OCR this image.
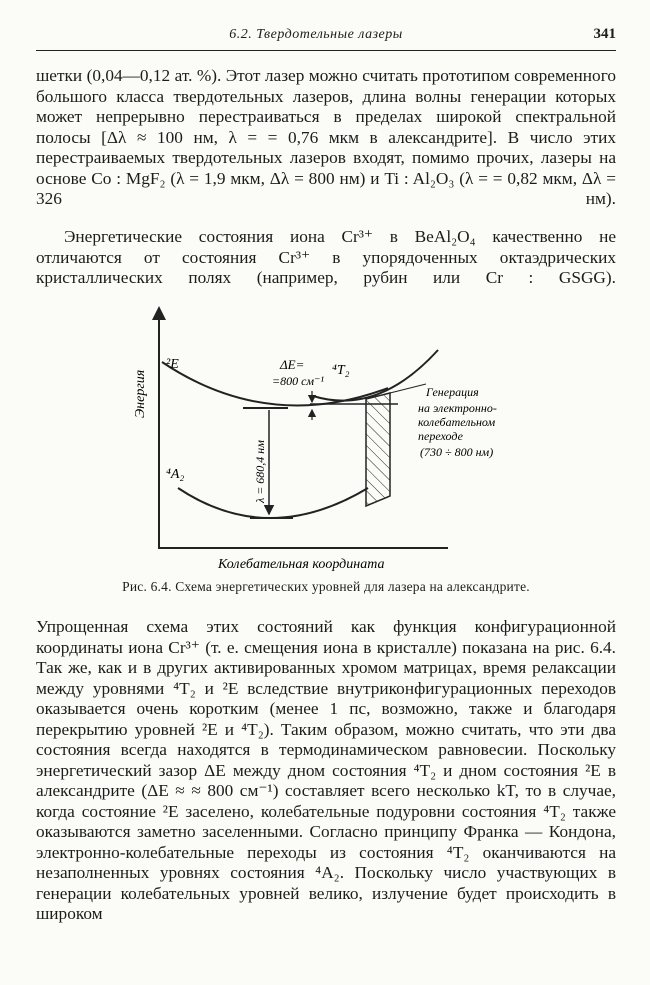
6.2. Твердотельные лазеры	341

шетки (0,04—0,12 ат. %). Этот лазер можно считать прототипом современного большого класса твердотельных лазеров, длина волны генерации которых может непрерывно перестраиваться в пределах широкой спектральной полосы [Δλ ≈ 100 нм, λ = = 0,76 мкм в александрите]. В число этих перестраиваемых твердотельных лазеров входят, помимо прочих, лазеры на основе Co : MgF₂ (λ = 1,9 мкм, Δλ = 800 нм) и Ti : Al₂O₃ (λ = = 0,82 мкм, Δλ = 326 нм).

Энергетические состояния иона Cr³⁺ в BeAl₂O₄ качественно не отличаются от состояния Cr³⁺ в упорядоченных октаэдрических кристаллических полях (например, рубин или Cr : GSGG).

Энергия
²E	⁴T₂
⁴A₂
ΔE=
=800 см⁻¹
λ = 680,4 нм
Генерация
на электронно-
колебательном
переходе
(730 ÷ 800 нм)
Колебательная координата
Рис. 6.4. Схема энергетических уровней для лазера на александрите.

Упрощенная схема этих состояний как функция конфигурационной координаты иона Cr³⁺ (т. е. смещения иона в кристалле) показана на рис. 6.4. Так же, как и в других активированных хромом матрицах, время релаксации между уровнями ⁴T₂ и ²E вследствие внутриконфигурационных переходов оказывается очень коротким (менее 1 пс, возможно, также и благодаря перекрытию уровней ²E и ⁴T₂). Таким образом, можно считать, что эти два состояния всегда находятся в термодинамическом равновесии. Поскольку энергетический зазор ΔE между дном состояния ⁴T₂ и дном состояния ²E в александрите (ΔE ≈ ≈ 800 см⁻¹) составляет всего несколько kT, то в случае, когда состояние ²E заселено, колебательные подуровни состояния ⁴T₂ также оказываются заметно заселенными. Согласно принципу Франка — Кондона, электронно-колебательные переходы из состояния ⁴T₂ оканчиваются на незаполненных уровнях состояния ⁴A₂. Поскольку число участвующих в генерации колебательных уровней велико, излучение будет происходить в широком
